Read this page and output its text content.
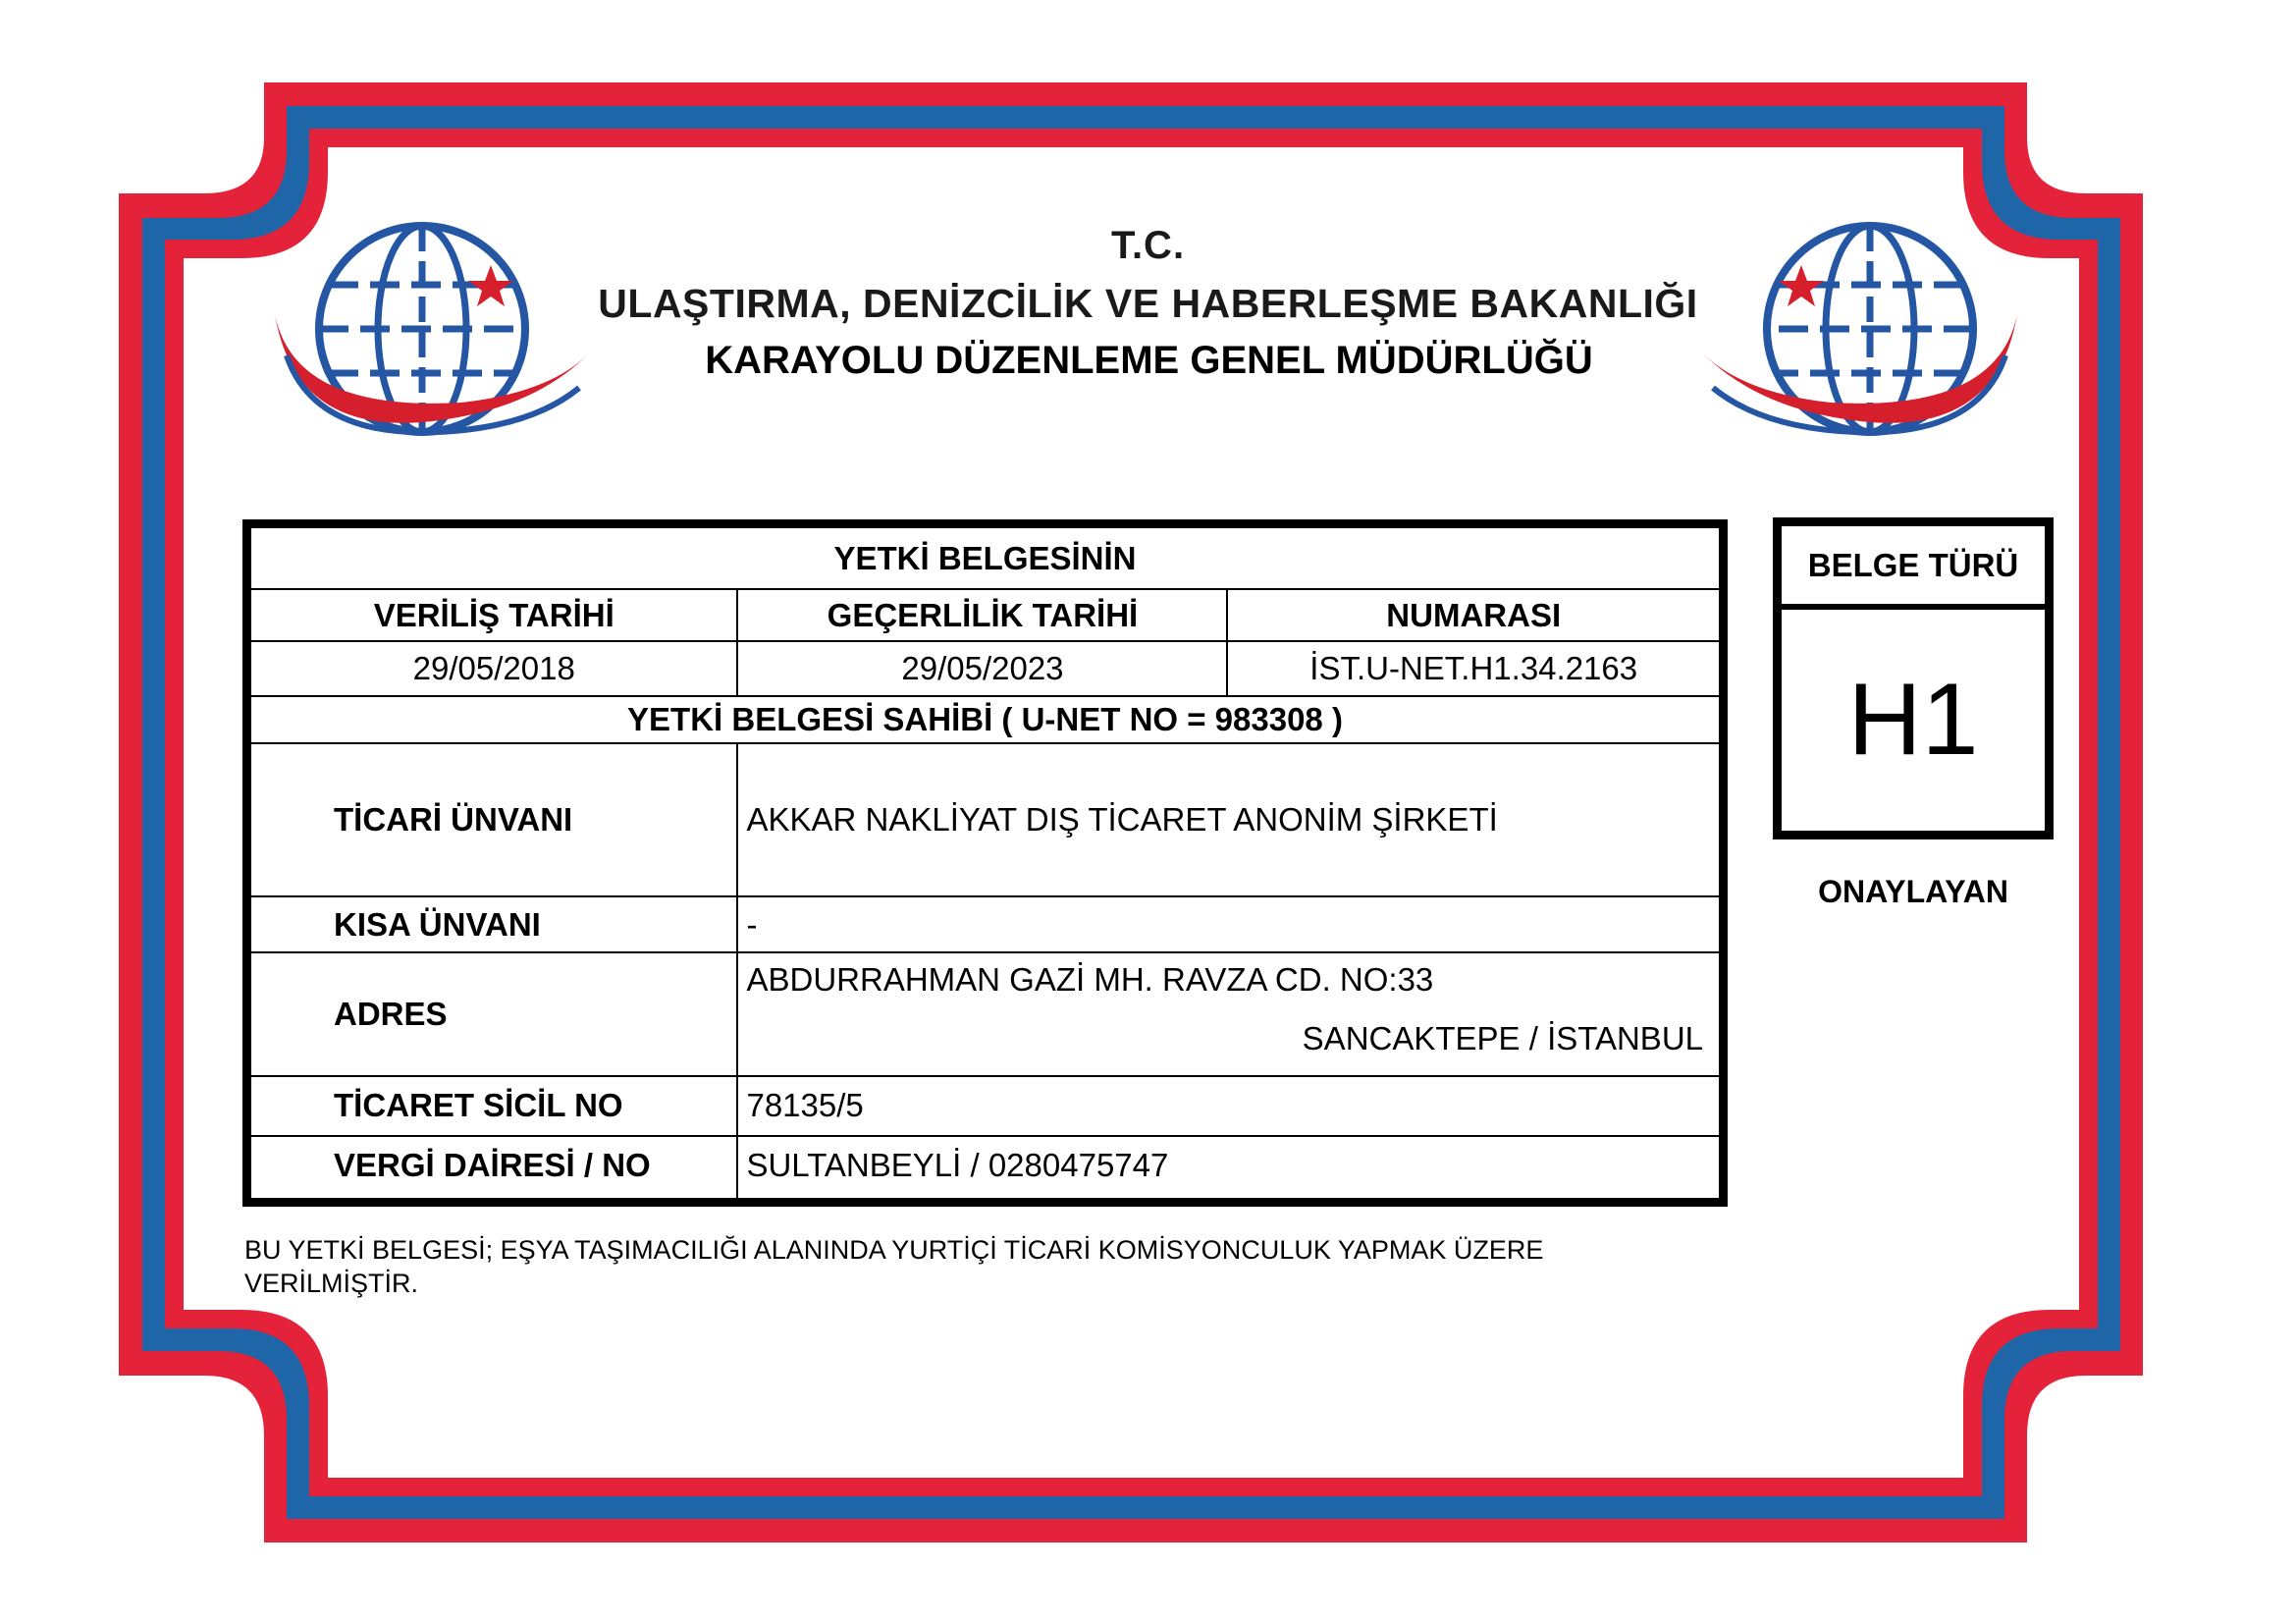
T.C.
ULAŞTIRMA, DENİZCİLİK VE HABERLEŞME BAKANLIĞI
KARAYOLU DÜZENLEME GENEL MÜDÜRLÜĞÜ
YETKİ BELGESİNİN		
VERİLİŞ TARİHİ	GEÇERLİLİK TARİHİ	NUMARASI
29/05/2018	29/05/2023	İST.U-NET.H1.34.2163
YETKİ BELGESİ SAHİBİ ( U-NET NO = 983308 )		
TİCARİ ÜNVANI	AKKAR NAKLİYAT DIŞ TİCARET ANONİM ŞİRKETİ	
KISA ÜNVANI	-	
ADRES	ABDURRAHMAN GAZİ MH. RAVZA CD. NO:33
SANCAKTEPE / İSTANBUL	

TİCARET SİCİL NO	78135/5	
VERGİ DAİRESİ / NO	SULTANBEYLİ / 0280475747	
BELGE TÜRÜ
H1
ONAYLAYAN
BU YETKİ BELGESİ; EŞYA TAŞIMACILIĞI ALANINDA YURTİÇİ TİCARİ KOMİSYONCULUK YAPMAK ÜZERE VERİLMİŞTİR.
